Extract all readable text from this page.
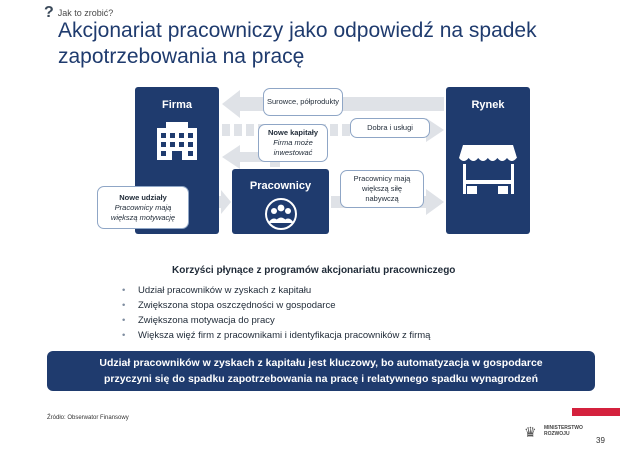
? Jak to zrobić?
Akcjonariat pracowniczy jako odpowiedź na spadek zapotrzebowania na pracę
Firma	Rynek
Pracownicy
Surowce, półprodukty
Dobra i usługi
Nowe kapitały
Firma może inwestować
Pracownicy mają większą siłę nabywczą
Nowe udziały
Pracownicy mają większą motywację
Korzyści płynące z programów akcjonariatu pracowniczego
• Udział pracowników w zyskach z kapitału
• Zwiększona stopa oszczędności w gospodarce
• Zwiększona motywacja do pracy
• Większa więź firm z pracownikami i identyfikacja pracowników z firmą
Udział pracowników w zyskach z kapitału jest kluczowy, bo automatyzacja w gospodarce
przyczyni się do spadku zapotrzebowania na pracę i relatywnego spadku wynagrodzeń
Źródło: Obserwator Finansowy
♛ MINISTERSTWO
ROZWOJU
39
